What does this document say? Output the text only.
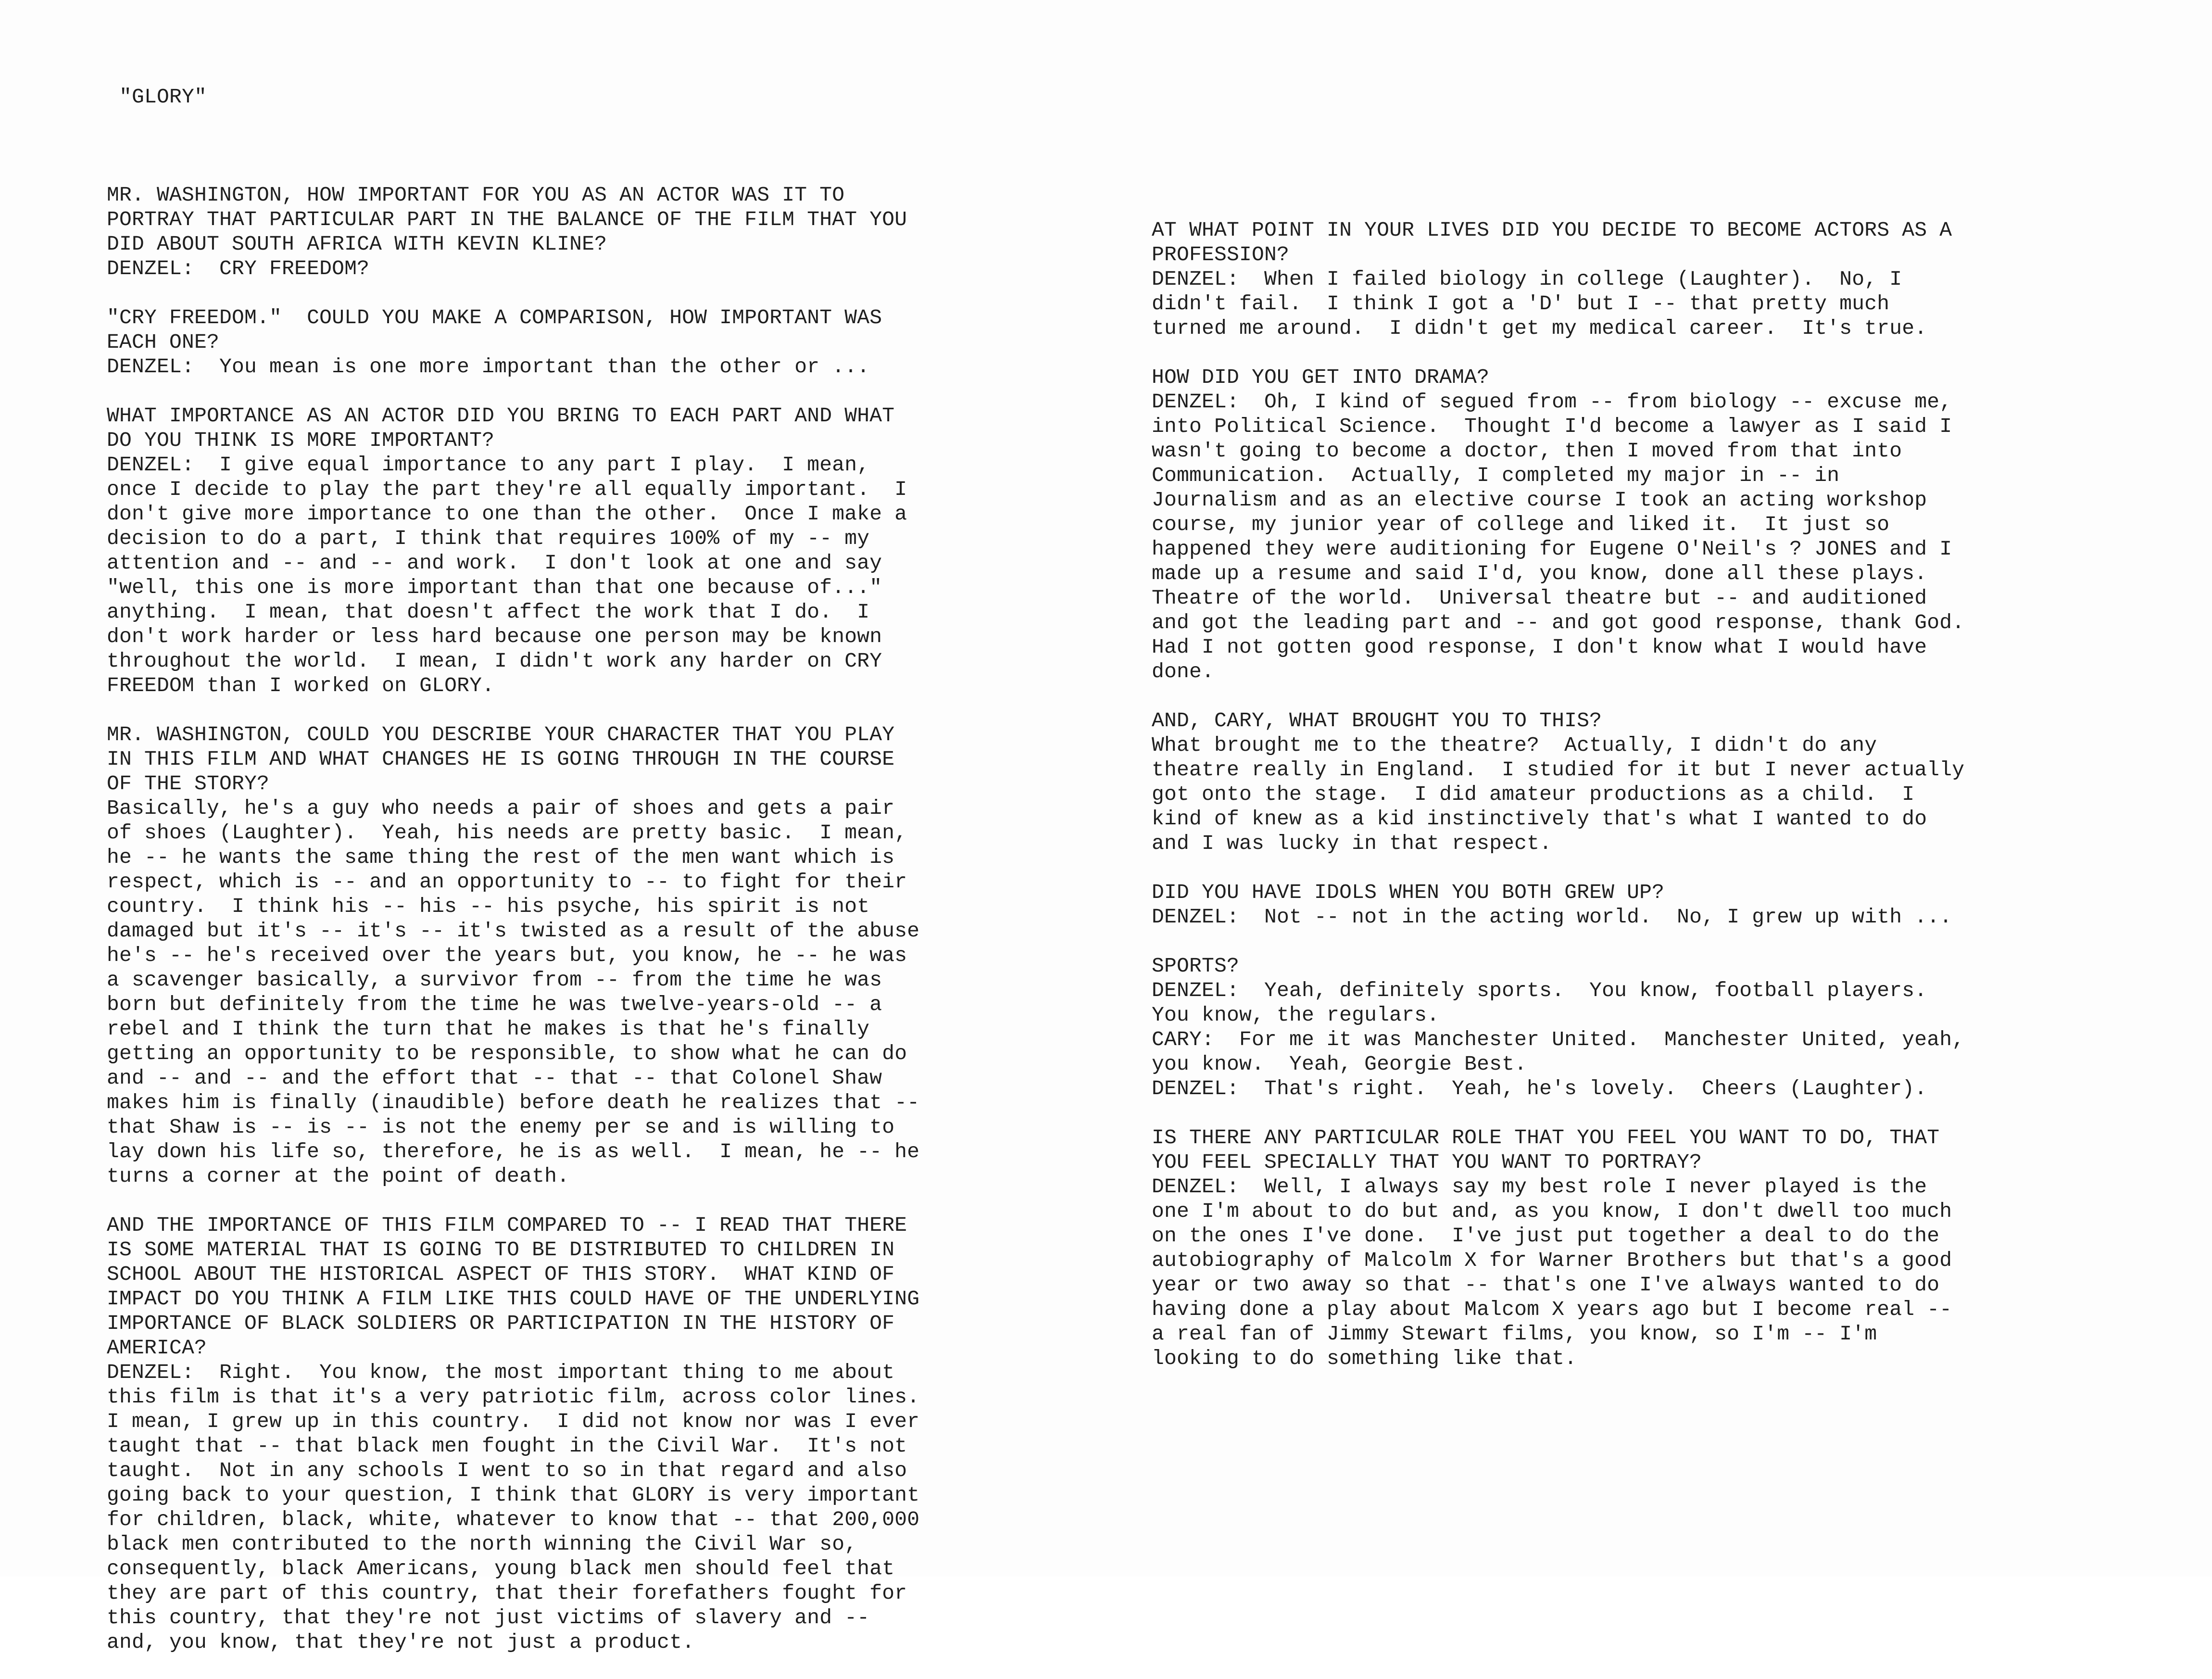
"GLORY"

MR. WASHINGTON, HOW IMPORTANT FOR YOU AS AN ACTOR WAS IT TO
PORTRAY THAT PARTICULAR PART IN THE BALANCE OF THE FILM THAT YOU
DID ABOUT SOUTH AFRICA WITH KEVIN KLINE?
DENZEL:  CRY FREEDOM?
"CRY FREEDOM."  COULD YOU MAKE A COMPARISON, HOW IMPORTANT WAS
EACH ONE?
DENZEL:  You mean is one more important than the other or ...
WHAT IMPORTANCE AS AN ACTOR DID YOU BRING TO EACH PART AND WHAT
DO YOU THINK IS MORE IMPORTANT?
DENZEL:  I give equal importance to any part I play.  I mean,
once I decide to play the part they're all equally important.  I
don't give more importance to one than the other.  Once I make a
decision to do a part, I think that requires 100% of my -- my
attention and -- and -- and work.  I don't look at one and say
"well, this one is more important than that one because of..."
anything.  I mean, that doesn't affect the work that I do.  I
don't work harder or less hard because one person may be known
throughout the world.  I mean, I didn't work any harder on CRY
FREEDOM than I worked on GLORY.
MR. WASHINGTON, COULD YOU DESCRIBE YOUR CHARACTER THAT YOU PLAY
IN THIS FILM AND WHAT CHANGES HE IS GOING THROUGH IN THE COURSE
OF THE STORY?
Basically, he's a guy who needs a pair of shoes and gets a pair
of shoes (Laughter).  Yeah, his needs are pretty basic.  I mean,
he -- he wants the same thing the rest of the men want which is
respect, which is -- and an opportunity to -- to fight for their
country.  I think his -- his -- his psyche, his spirit is not
damaged but it's -- it's -- it's twisted as a result of the abuse
he's -- he's received over the years but, you know, he -- he was
a scavenger basically, a survivor from -- from the time he was
born but definitely from the time he was twelve-years-old -- a
rebel and I think the turn that he makes is that he's finally
getting an opportunity to be responsible, to show what he can do
and -- and -- and the effort that -- that -- that Colonel Shaw
makes him is finally (inaudible) before death he realizes that --
that Shaw is -- is -- is not the enemy per se and is willing to
lay down his life so, therefore, he is as well.  I mean, he -- he
turns a corner at the point of death.
AND THE IMPORTANCE OF THIS FILM COMPARED TO -- I READ THAT THERE
IS SOME MATERIAL THAT IS GOING TO BE DISTRIBUTED TO CHILDREN IN
SCHOOL ABOUT THE HISTORICAL ASPECT OF THIS STORY.  WHAT KIND OF
IMPACT DO YOU THINK A FILM LIKE THIS COULD HAVE OF THE UNDERLYING
IMPORTANCE OF BLACK SOLDIERS OR PARTICIPATION IN THE HISTORY OF
AMERICA?
DENZEL:  Right.  You know, the most important thing to me about
this film is that it's a very patriotic film, across color lines.
I mean, I grew up in this country.  I did not know nor was I ever
taught that -- that black men fought in the Civil War.  It's not
taught.  Not in any schools I went to so in that regard and also
going back to your question, I think that GLORY is very important
for children, black, white, whatever to know that -- that 200,000
black men contributed to the north winning the Civil War so,
consequently, black Americans, young black men should feel that
they are part of this country, that their forefathers fought for
this country, that they're not just victims of slavery and --
and, you know, that they're not just a product.
AT WHAT POINT IN YOUR LIVES DID YOU DECIDE TO BECOME ACTORS AS A
PROFESSION?
DENZEL:  When I failed biology in college (Laughter).  No, I
didn't fail.  I think I got a 'D' but I -- that pretty much
turned me around.  I didn't get my medical career.  It's true.
HOW DID YOU GET INTO DRAMA?
DENZEL:  Oh, I kind of segued from -- from biology -- excuse me,
into Political Science.  Thought I'd become a lawyer as I said I
wasn't going to become a doctor, then I moved from that into
Communication.  Actually, I completed my major in -- in
Journalism and as an elective course I took an acting workshop
course, my junior year of college and liked it.  It just so
happened they were auditioning for Eugene O'Neil's ? JONES and I
made up a resume and said I'd, you know, done all these plays.
Theatre of the world.  Universal theatre but -- and auditioned
and got the leading part and -- and got good response, thank God.
Had I not gotten good response, I don't know what I would have
done.
AND, CARY, WHAT BROUGHT YOU TO THIS?
What brought me to the theatre?  Actually, I didn't do any
theatre really in England.  I studied for it but I never actually
got onto the stage.  I did amateur productions as a child.  I
kind of knew as a kid instinctively that's what I wanted to do
and I was lucky in that respect.
DID YOU HAVE IDOLS WHEN YOU BOTH GREW UP?
DENZEL:  Not -- not in the acting world.  No, I grew up with ...
SPORTS?
DENZEL:  Yeah, definitely sports.  You know, football players.
You know, the regulars.
CARY:  For me it was Manchester United.  Manchester United, yeah,
you know.  Yeah, Georgie Best.
DENZEL:  That's right.  Yeah, he's lovely.  Cheers (Laughter).
IS THERE ANY PARTICULAR ROLE THAT YOU FEEL YOU WANT TO DO, THAT
YOU FEEL SPECIALLY THAT YOU WANT TO PORTRAY?
DENZEL:  Well, I always say my best role I never played is the
one I'm about to do but and, as you know, I don't dwell too much
on the ones I've done.  I've just put together a deal to do the
autobiography of Malcolm X for Warner Brothers but that's a good
year or two away so that -- that's one I've always wanted to do
having done a play about Malcom X years ago but I become real --
a real fan of Jimmy Stewart films, you know, so I'm -- I'm
looking to do something like that.
